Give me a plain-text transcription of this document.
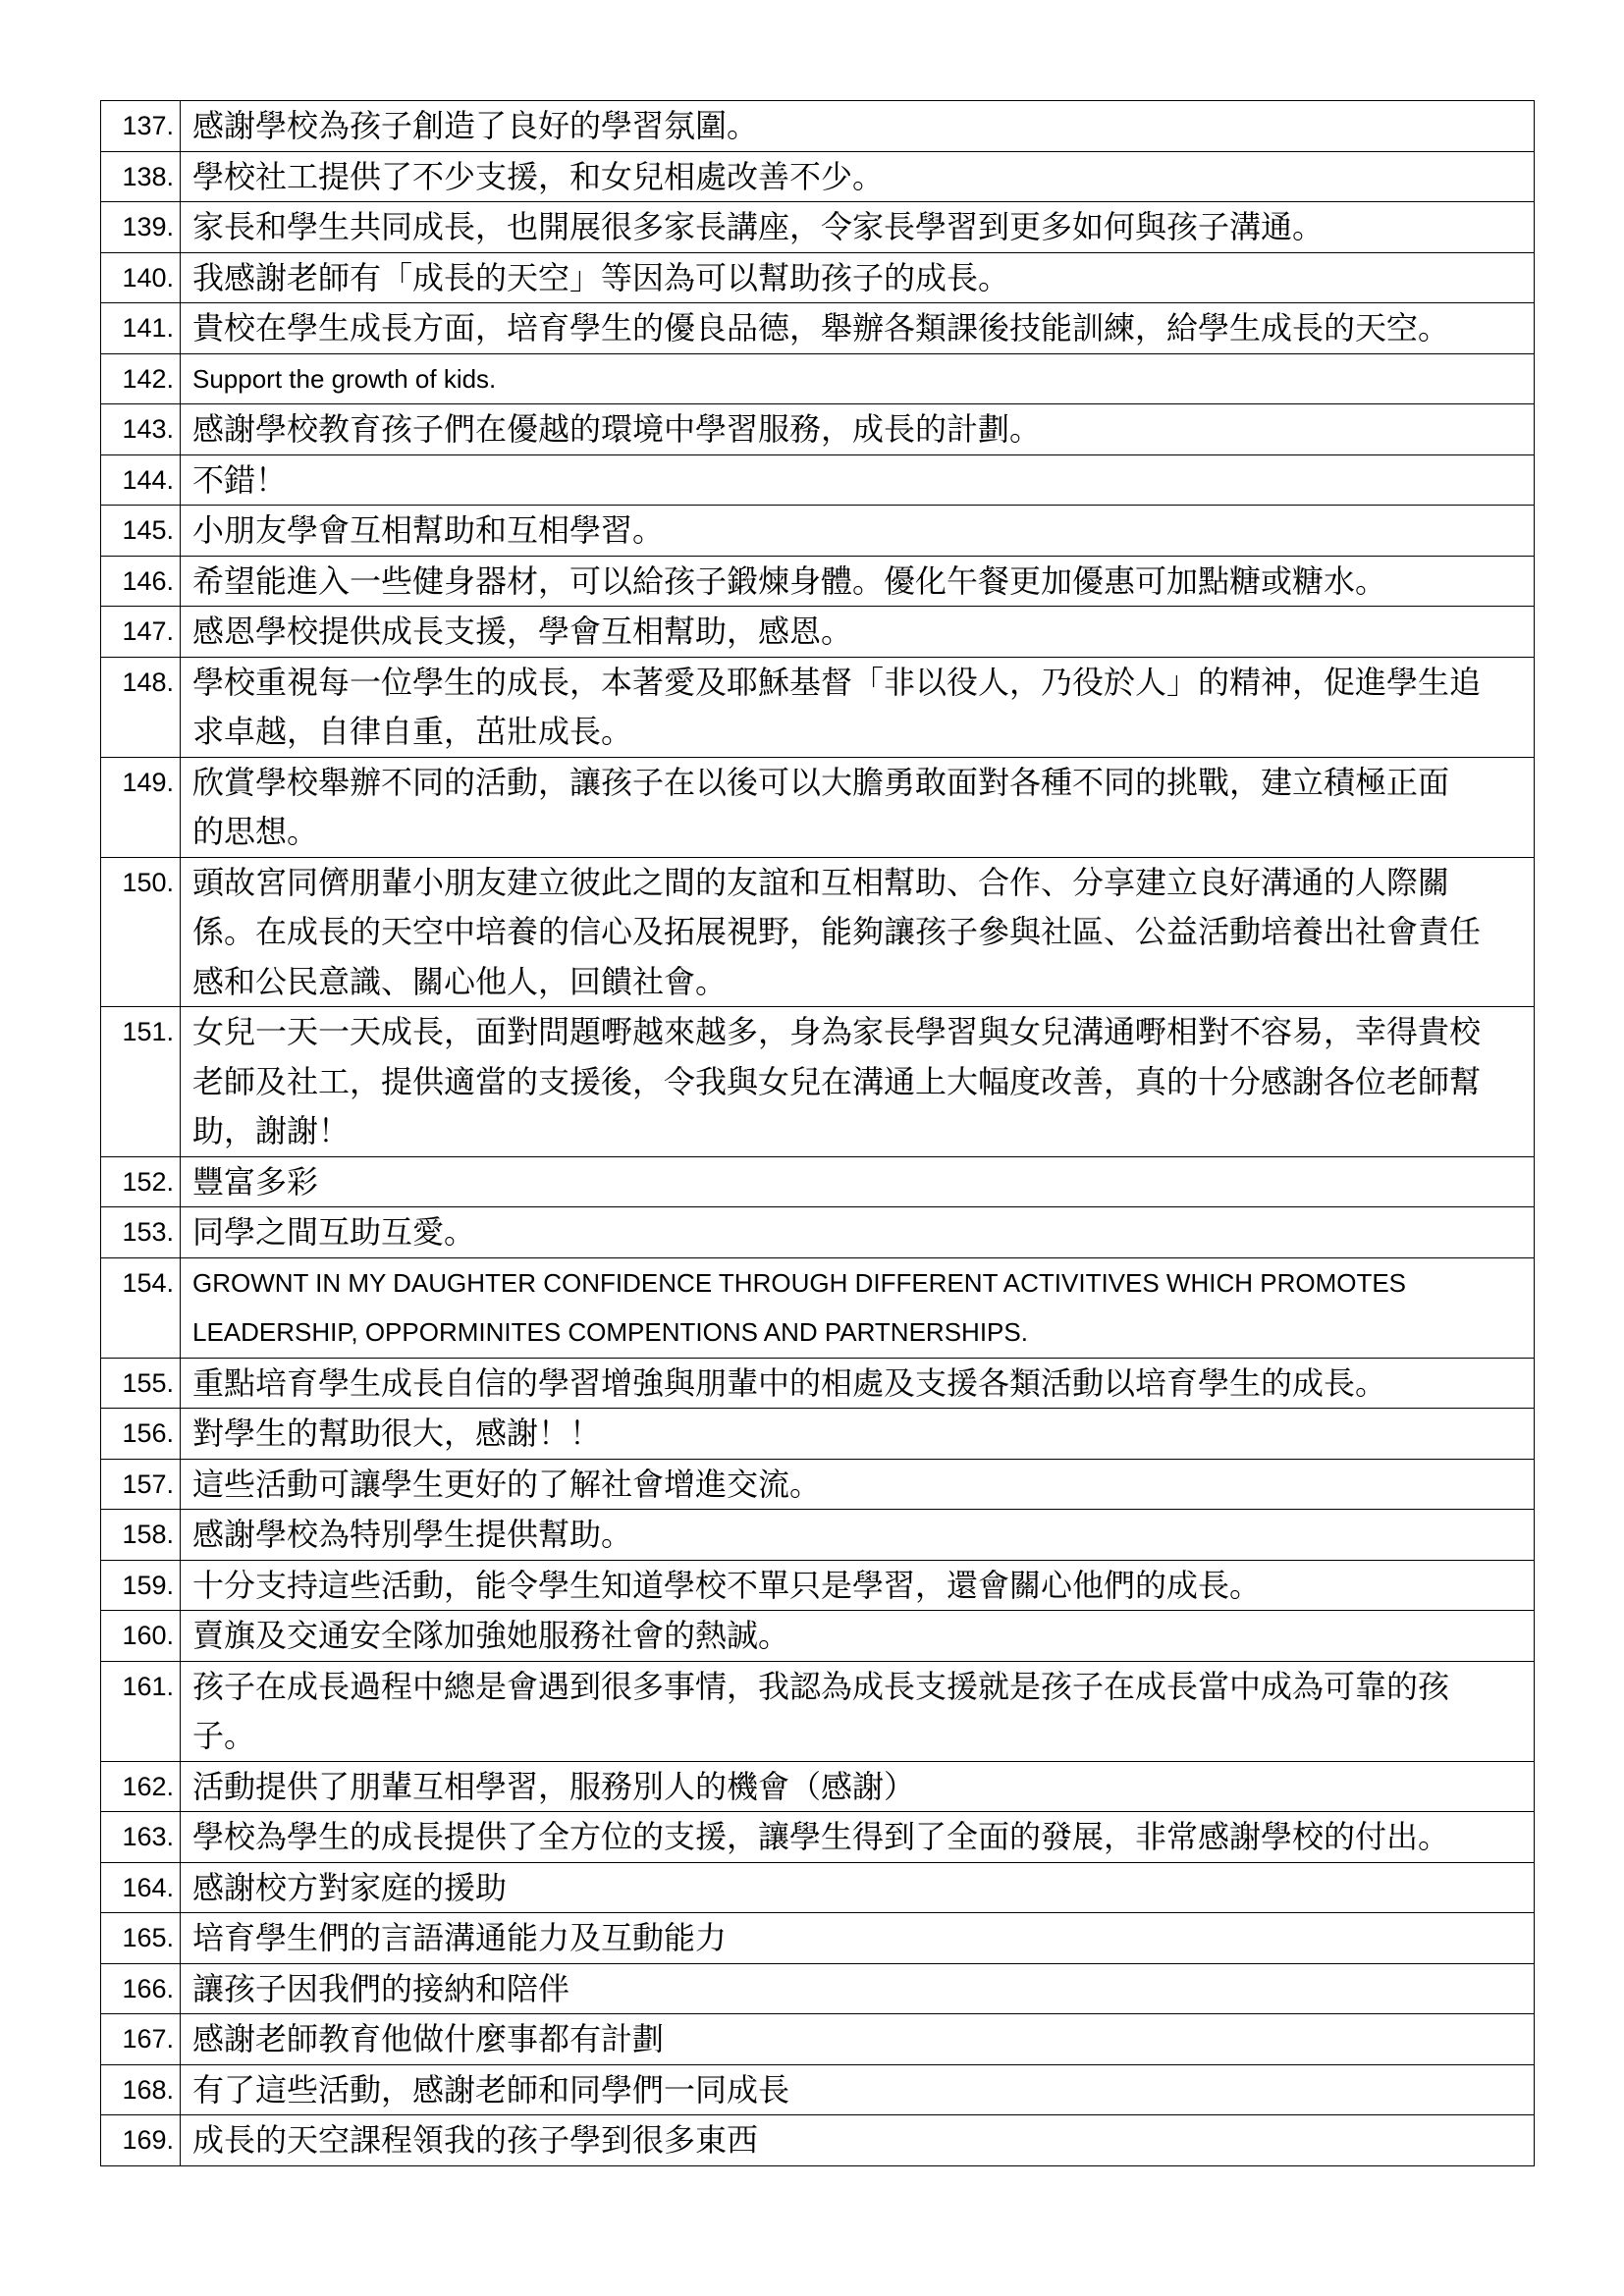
137.	感謝學校為孩子創造了良好的學習氛圍。

138.	學校社工提供了不少支援，和女兒相處改善不少。

139.	家長和學生共同成長，也開展很多家長講座，令家長學習到更多如何與孩子溝通。

140.	我感謝老師有「成長的天空」等因為可以幫助孩子的成長。

141.	貴校在學生成長方面，培育學生的優良品德，舉辦各類課後技能訓練，給學生成長的天空。

142.	Support the growth of kids.

143.	感謝學校教育孩子們在優越的環境中學習服務，成長的計劃。

144.	不錯！

145.	小朋友學會互相幫助和互相學習。

146.	希望能進入一些健身器材，可以給孩子鍛煉身體。優化午餐更加優惠可加點糖或糖水。

147.	感恩學校提供成長支援，學會互相幫助，感恩。

148.	學校重視每一位學生的成長，本著愛及耶穌基督「非以役人，乃役於人」的精神，促進學生追
求卓越，自律自重，茁壯成長。

149.	欣賞學校舉辦不同的活動，讓孩子在以後可以大膽勇敢面對各種不同的挑戰，建立積極正面
的思想。

150.	頭故宮同儕朋輩小朋友建立彼此之間的友誼和互相幫助、合作、分享建立良好溝通的人際關
係。在成長的天空中培養的信心及拓展視野，能夠讓孩子參與社區、公益活動培養出社會責任
感和公民意識、關心他人，回饋社會。

151.	女兒一天一天成長，面對問題嘢越來越多，身為家長學習與女兒溝通嘢相對不容易，幸得貴校
老師及社工，提供適當的支援後，令我與女兒在溝通上大幅度改善，真的十分感謝各位老師幫
助，謝謝！

152.	豐富多彩

153.	同學之間互助互愛。

154.	GROWNT IN MY DAUGHTER CONFIDENCE THROUGH DIFFERENT ACTIVITIVES WHICH PROMOTES
LEADERSHIP, OPPORMINITES COMPENTIONS AND PARTNERSHIPS.

155.	重點培育學生成長自信的學習增強與朋輩中的相處及支援各類活動以培育學生的成長。

156.	對學生的幫助很大，感謝！！

157.	這些活動可讓學生更好的了解社會增進交流。

158.	感謝學校為特別學生提供幫助。

159.	十分支持這些活動，能令學生知道學校不單只是學習，還會關心他們的成長。

160.	賣旗及交通安全隊加強她服務社會的熱誠。

161.	孩子在成長過程中總是會遇到很多事情，我認為成長支援就是孩子在成長當中成為可靠的孩
子。

162.	活動提供了朋輩互相學習，服務別人的機會（感謝）

163.	學校為學生的成長提供了全方位的支援，讓學生得到了全面的發展，非常感謝學校的付出。

164.	感謝校方對家庭的援助

165.	培育學生們的言語溝通能力及互動能力

166.	讓孩子因我們的接納和陪伴

167.	感謝老師教育他做什麼事都有計劃

168.	有了這些活動，感謝老師和同學們一同成長

169.	成長的天空課程領我的孩子學到很多東西
